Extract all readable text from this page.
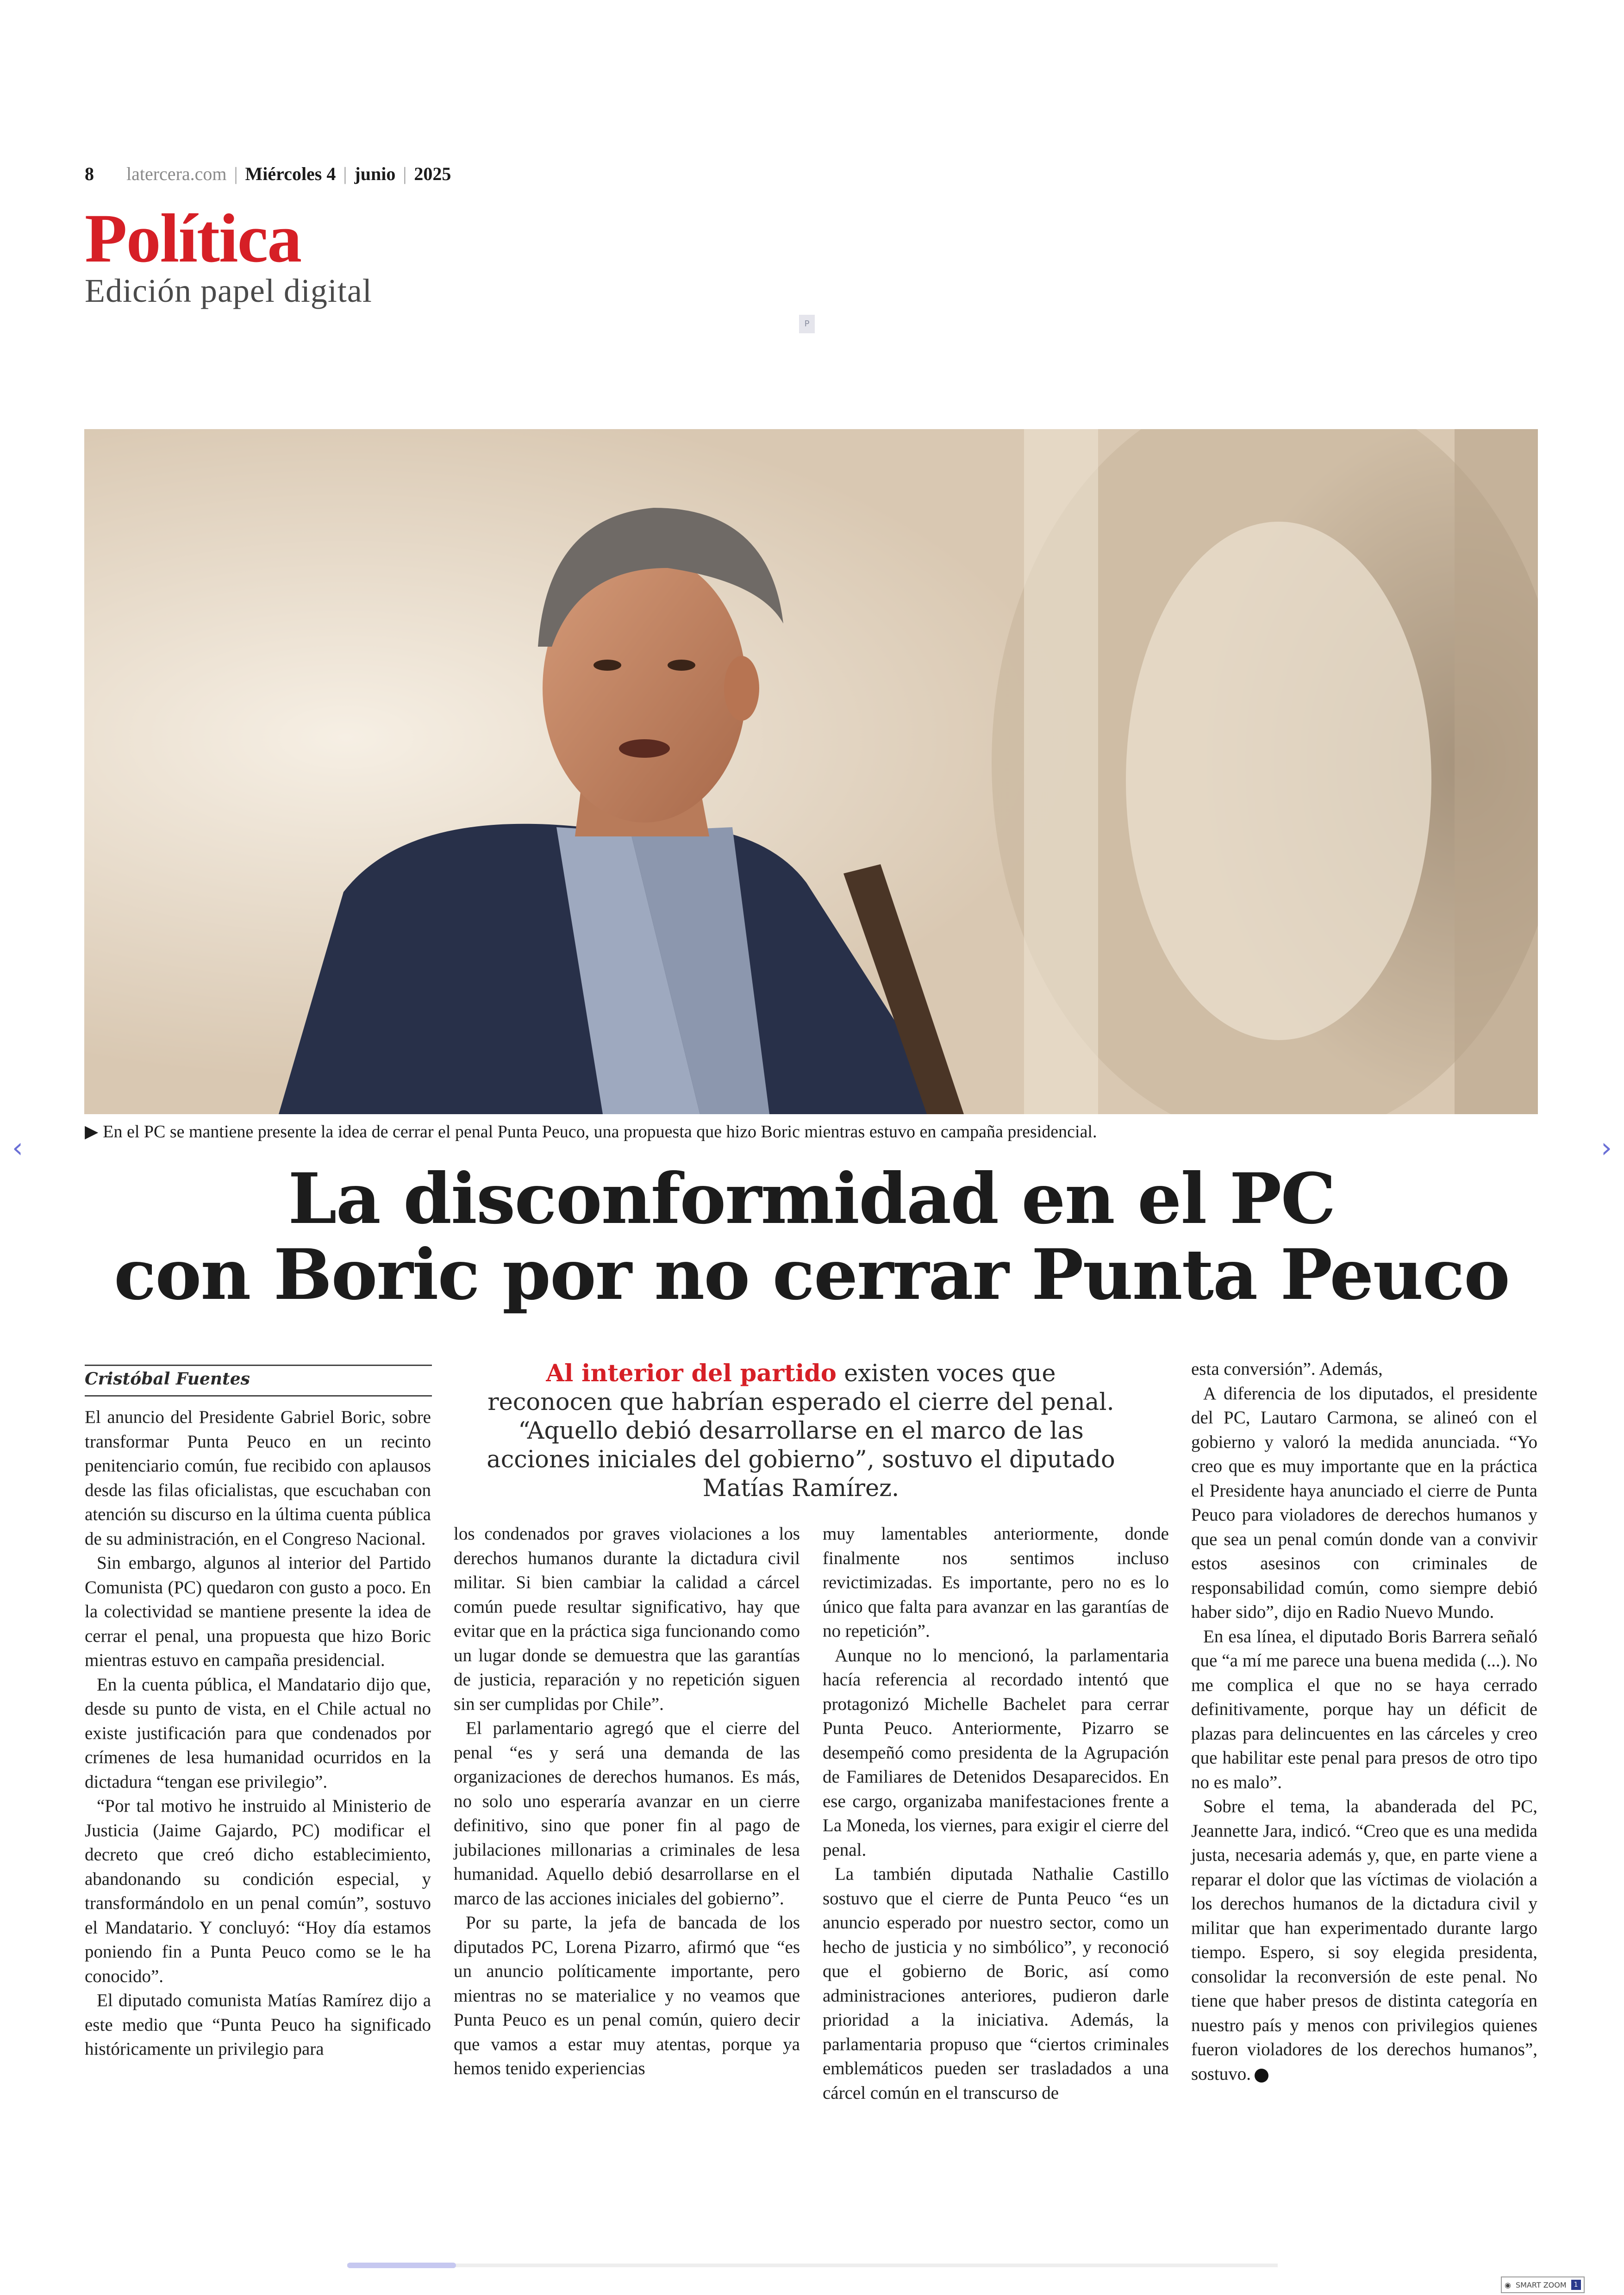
8 latercera.com | Miércoles 4 | junio | 2025
Política
Edición papel digital
P
▶ En el PC se mantiene presente la idea de cerrar el penal Punta Peuco, una propuesta que hizo Boric mientras estuvo en campaña presidencial.
‹	›
La disconformidad en el PC
con Boric por no cerrar Punta Peuco
Cristóbal Fuentes	Al interior del partido existen voces que reconocen que habrían esperado el cierre del penal. “Aquello debió desarrollarse en el marco de las acciones iniciales del gobierno”, sostuvo el diputado Matías Ramírez.

El anuncio del Presidente Gabriel Boric, sobre transformar Punta Peuco en un recinto penitenciario común, fue recibido con aplausos desde las filas oficialistas, que escuchaban con atención su discurso en la última cuenta pública de su administración, en el Congreso Nacional.

Sin embargo, algunos al interior del Partido Comunista (PC) quedaron con gusto a poco. En la colectividad se mantiene presente la idea de cerrar el penal, una propuesta que hizo Boric mientras estuvo en campaña presidencial.

En la cuenta pública, el Mandatario dijo que, desde su punto de vista, en el Chile actual no existe justificación para que condenados por crímenes de lesa humanidad ocurridos en la dictadura “tengan ese privilegio”.

“Por tal motivo he instruido al Ministerio de Justicia (Jaime Gajardo, PC) modificar el decreto que creó dicho establecimiento, abandonando su condición especial, y transformándolo en un penal común”, sostuvo el Mandatario. Y concluyó: “Hoy día estamos poniendo fin a Punta Peuco como se le ha conocido”.

El diputado comunista Matías Ramírez dijo a este medio que “Punta Peuco ha significado históricamente un privilegio para

los condenados por graves violaciones a los derechos humanos durante la dictadura civil militar. Si bien cambiar la calidad a cárcel común puede resultar significativo, hay que evitar que en la práctica siga funcionando como un lugar donde se demuestra que las garantías de justicia, reparación y no repetición siguen sin ser cumplidas por Chile”.

El parlamentario agregó que el cierre del penal “es y será una demanda de las organizaciones de derechos humanos. Es más, no solo uno esperaría avanzar en un cierre definitivo, sino que poner fin al pago de jubilaciones millonarias a criminales de lesa humanidad. Aquello debió desarrollarse en el marco de las acciones iniciales del gobierno”.

Por su parte, la jefa de bancada de los diputados PC, Lorena Pizarro, afirmó que “es un anuncio políticamente importante, pero mientras no se materialice y no veamos que Punta Peuco es un penal común, quiero decir que vamos a estar muy atentas, porque ya hemos tenido experiencias

muy lamentables anteriormente, donde finalmente nos sentimos incluso revictimizadas. Es importante, pero no es lo único que falta para avanzar en las garantías de no repetición”.

Aunque no lo mencionó, la parlamentaria hacía referencia al recordado intentó que protagonizó Michelle Bachelet para cerrar Punta Peuco. Anteriormente, Pizarro se desempeñó como presidenta de la Agrupación de Familiares de Detenidos Desaparecidos. En ese cargo, organizaba manifestaciones frente a La Moneda, los viernes, para exigir el cierre del penal.

La también diputada Nathalie Castillo sostuvo que el cierre de Punta Peuco “es un anuncio esperado por nuestro sector, como un hecho de justicia y no simbólico”, y reconoció que el gobierno de Boric, así como administraciones anteriores, pudieron darle prioridad a la iniciativa. Además, la parlamentaria propuso que “ciertos criminales emblemáticos pueden ser trasladados a una cárcel común en el transcurso de

esta conversión”. Además,

A diferencia de los diputados, el presidente del PC, Lautaro Carmona, se alineó con el gobierno y valoró la medida anunciada. “Yo creo que es muy importante que en la práctica el Presidente haya anunciado el cierre de Punta Peuco para violadores de derechos humanos y que sea un penal común donde van a convivir estos asesinos con criminales de responsabilidad común, como siempre debió haber sido”, dijo en Radio Nuevo Mundo.

En esa línea, el diputado Boris Barrera señaló que “a mí me parece una buena medida (...). No me complica el que no se haya cerrado definitivamente, porque hay un déficit de plazas para delincuentes en las cárceles y creo que habilitar este penal para presos de otro tipo no es malo”.

Sobre el tema, la abanderada del PC, Jeannette Jara, indicó. “Creo que es una medida justa, necesaria además y, que, en parte viene a reparar el dolor que las víctimas de violación a los derechos humanos de la dictadura civil y militar que han experimentado durante largo tiempo. Espero, si soy elegida presidenta, consolidar la reconversión de este penal. No tiene que haber presos de distinta categoría en nuestro país y menos con privilegios quienes fueron violadores de los derechos humanos”, sostuvo.

◉ SMART ZOOM	1
